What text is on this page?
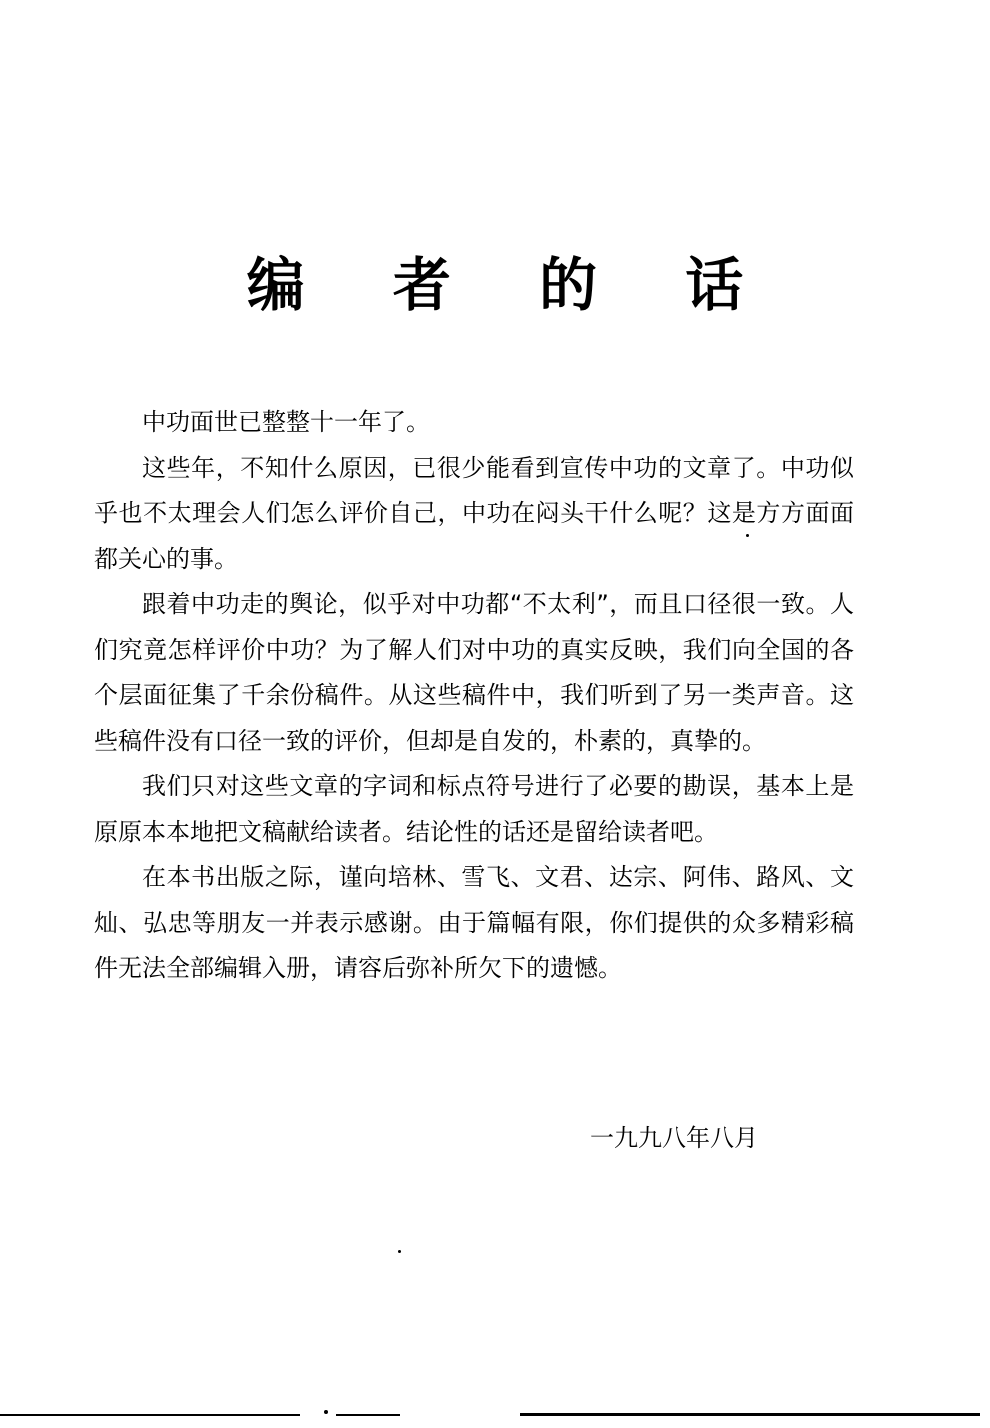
编 者 的 话

中功面世已整整十一年了。

这些年，不知什么原因，已很少能看到宣传中功的文章了。中功似乎也不太理会人们怎么评价自己，中功在闷头干什么呢？这是方方面面都关心的事。

跟着中功走的舆论，似乎对中功都“不太利”，而且口径很一致。人们究竟怎样评价中功？为了解人们对中功的真实反映，我们向全国的各个层面征集了千余份稿件。从这些稿件中，我们听到了另一类声音。这些稿件没有口径一致的评价，但却是自发的，朴素的，真挚的。

我们只对这些文章的字词和标点符号进行了必要的勘误，基本上是原原本本地把文稿献给读者。结论性的话还是留给读者吧。

在本书出版之际，谨向培林、雪飞、文君、达宗、阿伟、路风、文灿、弘忠等朋友一并表示感谢。由于篇幅有限，你们提供的众多精彩稿件无法全部编辑入册，请容后弥补所欠下的遗憾。

一九九八年八月
